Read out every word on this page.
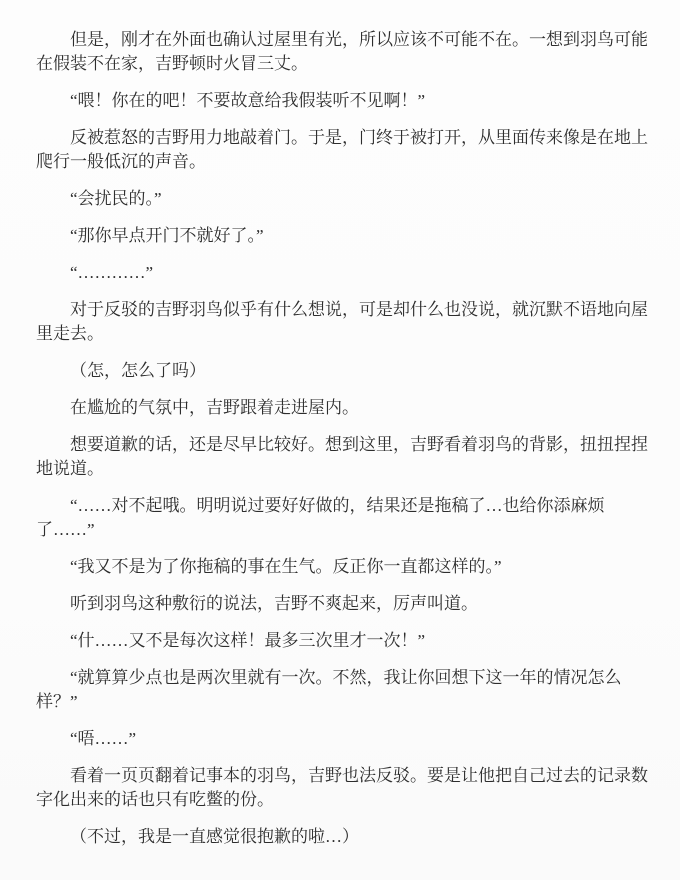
但是，刚才在外面也确认过屋里有光，所以应该不可能不在。一想到羽鸟可能在假装不在家，吉野顿时火冒三丈。

“喂！你在的吧！不要故意给我假装听不见啊！”

反被惹怒的吉野用力地敲着门。于是，门终于被打开，从里面传来像是在地上爬行一般低沉的声音。

“会扰民的。”

“那你早点开门不就好了。”

“…………”

对于反驳的吉野羽鸟似乎有什么想说，可是却什么也没说，就沉默不语地向屋里走去。

（怎，怎么了吗）

在尴尬的气氛中，吉野跟着走进屋内。

想要道歉的话，还是尽早比较好。想到这里，吉野看着羽鸟的背影，扭扭捏捏地说道。

“……对不起哦。明明说过要好好做的，结果还是拖稿了…也给你添麻烦了……”

“我又不是为了你拖稿的事在生气。反正你一直都这样的。”

听到羽鸟这种敷衍的说法，吉野不爽起来，厉声叫道。

“什……又不是每次这样！最多三次里才一次！”

“就算算少点也是两次里就有一次。不然，我让你回想下这一年的情况怎么样？”

“唔……”

看着一页页翻着记事本的羽鸟，吉野也法反驳。要是让他把自己过去的记录数字化出来的话也只有吃鳖的份。

（不过，我是一直感觉很抱歉的啦…）
